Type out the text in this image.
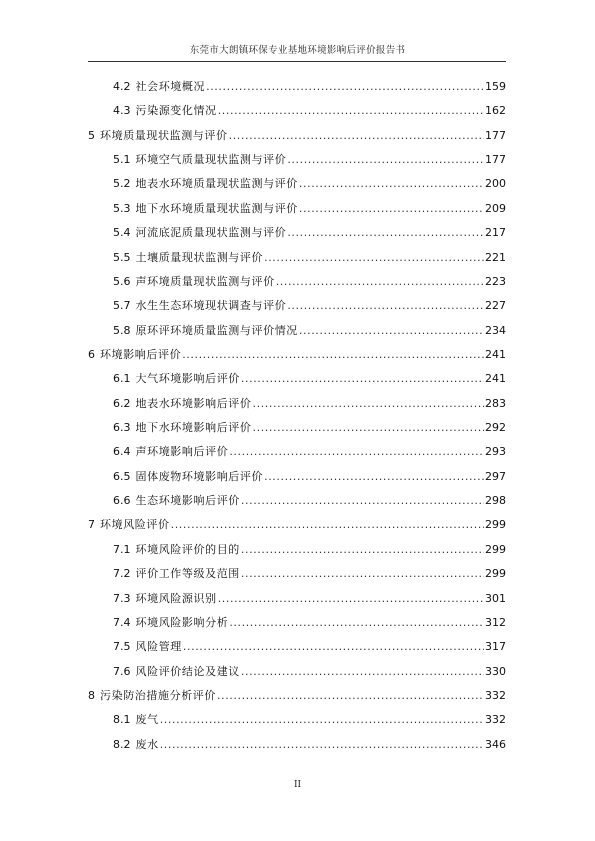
东莞市大朗镇环保专业基地环境影响后评价报告书
4.2 社会环境概况 .....	159
4.3 污染源变化情况 .....	162
5 环境质量现状监测与评价 .....	177
5.1 环境空气质量现状监测与评价 .....	177
5.2 地表水环境质量现状监测与评价 .....	200
5.3 地下水环境质量现状监测与评价 .....	209
5.4 河流底泥质量现状监测与评价 .....	217
5.5 土壤质量现状监测与评价 .....	221
5.6 声环境质量现状监测与评价 .....	223
5.7 水生生态环境现状调查与评价 .....	227
5.8 原环评环境质量监测与评价情况 .....	234
6 环境影响后评价 .....	241
6.1 大气环境影响后评价 .....	241
6.2 地表水环境影响后评价 .....	283
6.3 地下水环境影响后评价 .....	292
6.4 声环境影响后评价 .....	293
6.5 固体废物环境影响后评价 .....	297
6.6 生态环境影响后评价 .....	298
7 环境风险评价 .....	299
7.1 环境风险评价的目的 .....	299
7.2 评价工作等级及范围 .....	299
7.3 环境风险源识别 .....	301
7.4 环境风险影响分析 .....	312
7.5 风险管理 .....	317
7.6 风险评价结论及建议 .....	330
8 污染防治措施分析评价 .....	332
8.1 废气 .....	332
8.2 废水 .....	346
II
